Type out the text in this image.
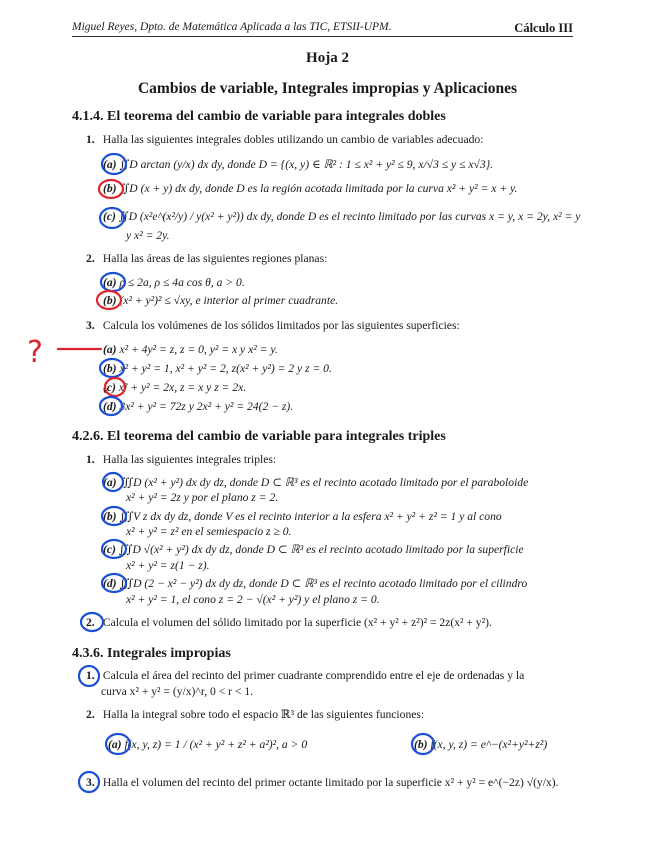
Miguel Reyes, Dpto. de Matemática Aplicada a las TIC, ETSII-UPM.	Cálculo III
Hoja 2
Cambios de variable, Integrales impropias y Aplicaciones
4.1.4. El teorema del cambio de variable para integrales dobles
1. Halla las siguientes integrales dobles utilizando un cambio de variables adecuado:
(a) ∬D arctan (y/x) dx dy, donde D = {(x, y) ∈ ℝ² : 1 ≤ x² + y² ≤ 9, x/√3 ≤ y ≤ x√3}.
(b) ∬D (x + y) dx dy, donde D es la región acotada limitada por la curva x² + y² = x + y.
(c) ∬D (x²e^(x²/y) / y(x² + y²)) dx dy, donde D es el recinto limitado por las curvas x = y, x = 2y, x² = y
y x² = 2y.
2. Halla las áreas de las siguientes regiones planas:
(a) ρ ≤ 2a, ρ ≤ 4a cos θ, a > 0.
(b) (x² + y²)² ≤ √xy, e interior al primer cuadrante.
3. Calcula los volúmenes de los sólidos limitados por las siguientes superficies:
(a) x² + 4y² = z, z = 0, y² = x y x² = y.
(b) x² + y² = 1, x² + y² = 2, z(x² + y²) = 2 y z = 0.
(c) x² + y² = 2x, z = x y z = 2x.
(d) 3x² + y² = 72z y 2x² + y² = 24(2 − z).
4.2.6. El teorema del cambio de variable para integrales triples
1. Halla las siguientes integrales triples:
(a) ∭D (x² + y²) dx dy dz, donde D ⊂ ℝ³ es el recinto acotado limitado por el paraboloide
x² + y² = 2z y por el plano z = 2.
(b) ∭V z dx dy dz, donde V es el recinto interior a la esfera x² + y² + z² = 1 y al cono
x² + y² = z² en el semiespacio z ≥ 0.
(c) ∭D √(x² + y²) dx dy dz, donde D ⊂ ℝ³ es el recinto acotado limitado por la superficie
x² + y² = z(1 − z).
(d) ∭D (2 − x² − y²) dx dy dz, donde D ⊂ ℝ³ es el recinto acotado limitado por el cilindro
x² + y² = 1, el cono z = 2 − √(x² + y²) y el plano z = 0.
2. Calcula el volumen del sólido limitado por la superficie (x² + y² + z²)² = 2z(x² + y²).
4.3.6. Integrales impropias
1. Calcula el área del recinto del primer cuadrante comprendido entre el eje de ordenadas y la
curva x² + y² = (y/x)^r, 0 < r < 1.
2. Halla la integral sobre todo el espacio ℝ³ de las siguientes funciones:
(a) f(x, y, z) = 1 / (x² + y² + z² + a²)², a > 0	(b) f(x, y, z) = e^−(x²+y²+z²)
3. Halla el volumen del recinto del primer octante limitado por la superficie x² + y² = e^(−2z) √(y/x).
?
